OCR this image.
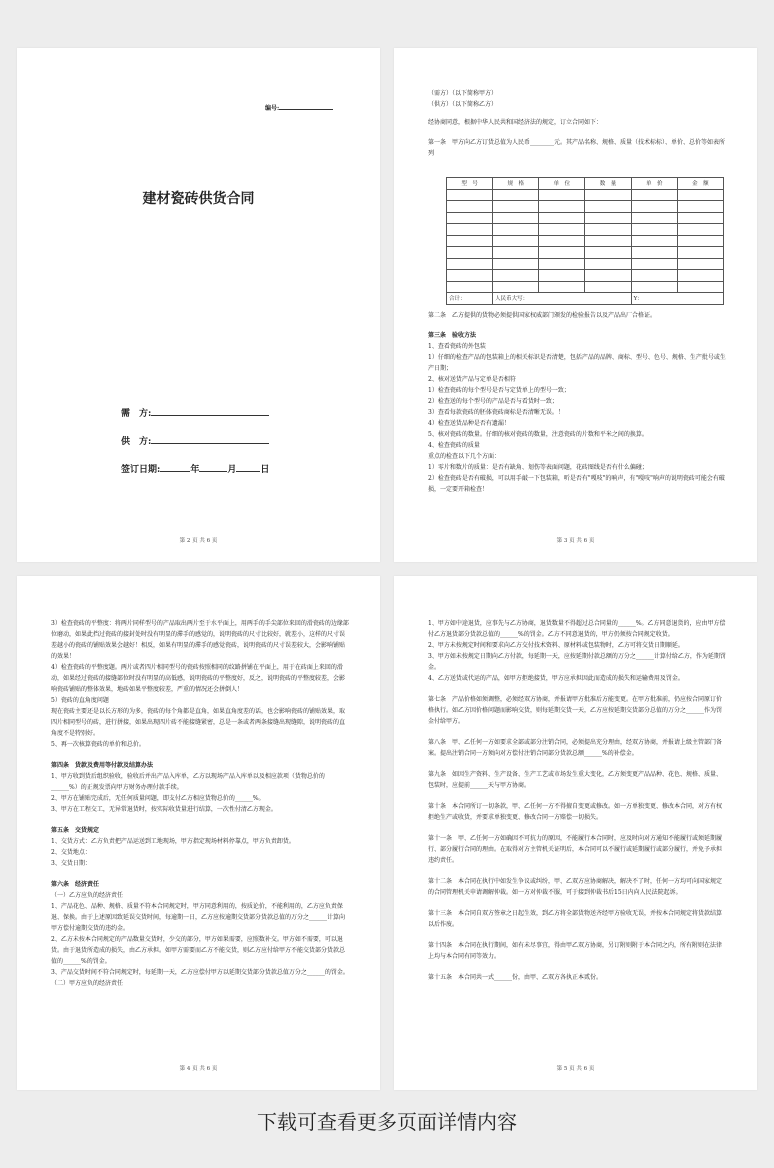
编号:
建材瓷砖供货合同
需　方:
供　方:
签订日期:	年	月	日
第 2 页 共 6 页
（需方）（以下简称甲方）
（供方）（以下简称乙方）
经协商同意，根据中华人民共和国经济法的规定，订立合同如下：
第一条　甲方向乙方订货总值为人民币________元。其产品名称、规格、质量（技术标标）、单价、总价等如表所列
型　号	规　格	单　位	数　量	单　价	金　额

合计：	人民币大写：			Y：	
第二条　乙方提供的货物必须提供国家权威部门颁发的检验报告以及产品出厂合格证。
第三条　验收方法
1、查看瓷砖的外包装
1）仔细的检查产品的包装箱上的相关标识是否清楚，包括产品的品牌、商标、型号、色号、规格、生产批号或生产日期；
2、核对送货产品与定单是否相符
1）检查瓷砖的每个型号是否与定货单上的型号一致；
2）检查送的每个型号的产品是否与看货时一致；
3）查看每款瓷砖的胚体瓷砖商标是否清晰无误。！
4）检查送货品种是否有遗漏！
5、核对瓷砖的数量。仔细的核对瓷砖的数量，注意瓷砖的片数和平米之间的换算。
4、检查瓷砖的质量
重点的检查以下几个方面：
1）零片和数片的质量：是否有缺角、划伤等表面问题，花砖图线是否有什么偏碰；
2）检查瓷砖是否有破损，可以用手敲一下包装箱，听是否有"嘎吱"的响声，有"嘎吱"响声的说明瓷砖可能会有破损，一定要开箱检查！
第 3 页 共 6 页
3）检查瓷砖的平整度：将两片同样型号的产品取出两片至于水平面上，用两手的手尖部位来回的滑瓷砖的边缘部位磨动，如果此挡过瓷砖的接封处时没有明显的滞手的感觉的，说明瓷砖的尺寸比较好，就差小，这样的尺寸误差越小的瓷砖的铺贴效果会越好！相反，如果有明显的滞手的感觉瓷砖，说明瓷砖的尺寸误差较大，会影响铺贴的效果！
4）检查瓷砖的平整度题。两片或者四片相同型号的瓷砖按照相同的纹路拼铺在平面上，用于在砖面上来回的滑动，如果经过瓷砖的接缝部位时没有明显的高低感，说明瓷砖的平整度好，反之，说明瓷砖的平整度较差，会影响瓷砖铺贴的整体效果，地砖如果平整度较差，严重的情况还会拼倒人！
5）瓷砖的直角度问题
现在瓷砖主要还是以长方形的为多，瓷砖的每个角都是直角，如果直角度差的话，也会影响瓷砖的铺贴效果，取四片相同型号的砖，进行拼接，如果出现四片砖不能接缝紧密，总是一条或者两条接缝出现缝隙，说明瓷砖的直角度不是特别好。
5、再一次核算瓷砖的单价和总价。
第四条　货款及费用等付款及结算办法
1、甲方收到货后组织验收，验收后并出产品入库单，乙方以现场产品入库单以及相应款项（货物总价的______%）的正规发票向甲方财务办理付款手续。
2、甲方在铺贴完成后，无任何质量问题，即支付乙方相应货物总价的______%。
3、甲方在工程交工，无异常退货时，按实际收货量进行结算，一次性付清乙方现金。
第五条　交货规定
1、交货方式：乙方负责把产品运送到工地现场，甲方指定现场材料停靠点，甲方负责卸货。
2、交货地点：
3、交货日期：
第六条　经济责任
（一）乙方应负的经济责任
1、产品花色、品种、规格、质量不符本合同规定时，甲方同意利用的，按质论价，不能利用的，乙方应负责保退、保换。由于上述原因致延误交货时间，每逾期一日，乙方应按逾期交货部分货款总值的万分之______计算向甲方偿付逾期交货的违约金。
2、乙方未按本合同规定的产品数量交货时，少交的部分，甲方如果需要，应照数补交。甲方如不需要，可以退货。由于退货所造成的损失，由乙方承担。如甲方需要而乙方不能交货，则乙方应付给甲方不能交货部分货款总值的______%的罚金。
3、产品交货时间不符合同规定时，每延期一天，乙方应偿付甲方以延期交货部分货款总值万分之______的罚金。
（二）甲方应负的经济责任
第 4 页 共 6 页
1、甲方如中途退货，应事先与乙方协商，退货数量不得超过总合同量的______%。乙方同意退货的，应由甲方偿付乙方退货部分货款总值的______%的罚金。乙方不同意退货的，甲方仍须按合同规定收货。
2、甲方未按规定时间和要求向乙方交付技术资料、原材料或包装物时，乙方可将交货日期顺延。
3、甲方如未按规定日期向乙方付款，每延期一天，应按延期付款总额的万分之______计算付给乙方，作为延期罚金。
4、乙方送货或代运的产品，如甲方拒绝接货，甲方应承担因此而造成的损失和运输费用及罚金。
第七条　产品价格如须调整，必须经双方协商，并报请甲方批准后方能变更。在甲方批准前，仍应按合同原订价格执行。如乙方因价格问题而影响交货，则每延期交货一天，乙方应按延期交货部分总值的万分之______作为罚金付给甲方。
第八条　甲、乙任何一方如要求全部或部分注销合同，必须提出充分理由，经双方协商，并报请上级主管部门备案。提出注销合同一方须向对方偿付注销合同部分货款总额______%的补偿金。
第九条　如因生产资料、生产设备、生产工艺或市场发生重大变化，乙方须变更产品品种、花色、规格、质量、包装时，应提前______天与甲方协商。
第十条　本合同所订一切条款，甲、乙任何一方不得擅自变更或修改。如一方单独变更、修改本合同，对方有权拒绝生产或收货，并要求单独变更、修改合同一方赔偿一切损失。
第十一条　甲、乙任何一方如确因不可抗力的原因，不能履行本合同时，应及时向对方通知不能履行或须延期履行、部分履行合同的理由。在取得对方主管机关证明后，本合同可以不履行或延期履行或部分履行，并免予承担违约责任。
第十二条　本合同在执行中如发生争议或纠纷，甲、乙双方应协商解决，解决不了时，任何一方均可向国家规定的合同管理机关申请调解仲裁。如一方对仲裁不服，可于接到仲裁书后15日内向人民法院起诉。
第十三条　本合同自双方签章之日起生效，到乙方将全部货物送齐经甲方验收无误，并按本合同规定将货款结算以后作废。
第十四条　本合同在执行期间，如有未尽事宜，得由甲乙双方协商，另订附则附于本合同之内，所有附则在法律上均与本合同有同等效力。
第十五条　本合同共一式______份，由甲、乙双方各执正本贰份。
第 5 页 共 6 页
下载可查看更多页面详情内容
